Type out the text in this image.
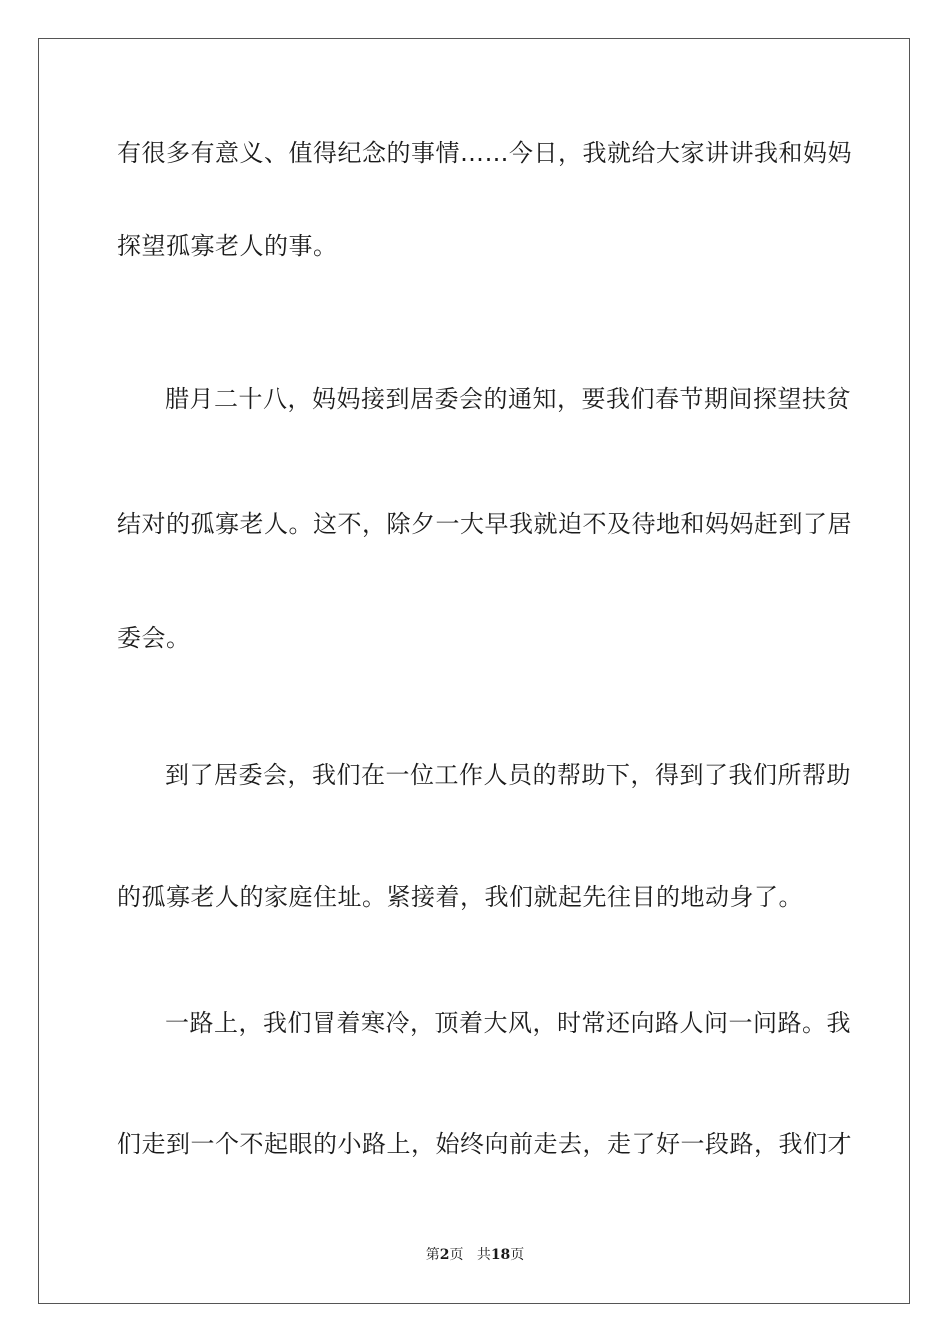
有很多有意义、值得纪念的事情……今日，我就给大家讲讲我和妈妈
探望孤寡老人的事。
腊月二十八，妈妈接到居委会的通知，要我们春节期间探望扶贫
结对的孤寡老人。这不，除夕一大早我就迫不及待地和妈妈赶到了居
委会。
到了居委会，我们在一位工作人员的帮助下，得到了我们所帮助
的孤寡老人的家庭住址。紧接着，我们就起先往目的地动身了。
一路上，我们冒着寒冷，顶着大风，时常还向路人问一问路。我
们走到一个不起眼的小路上，始终向前走去，走了好一段路，我们才
第2页 共18页
